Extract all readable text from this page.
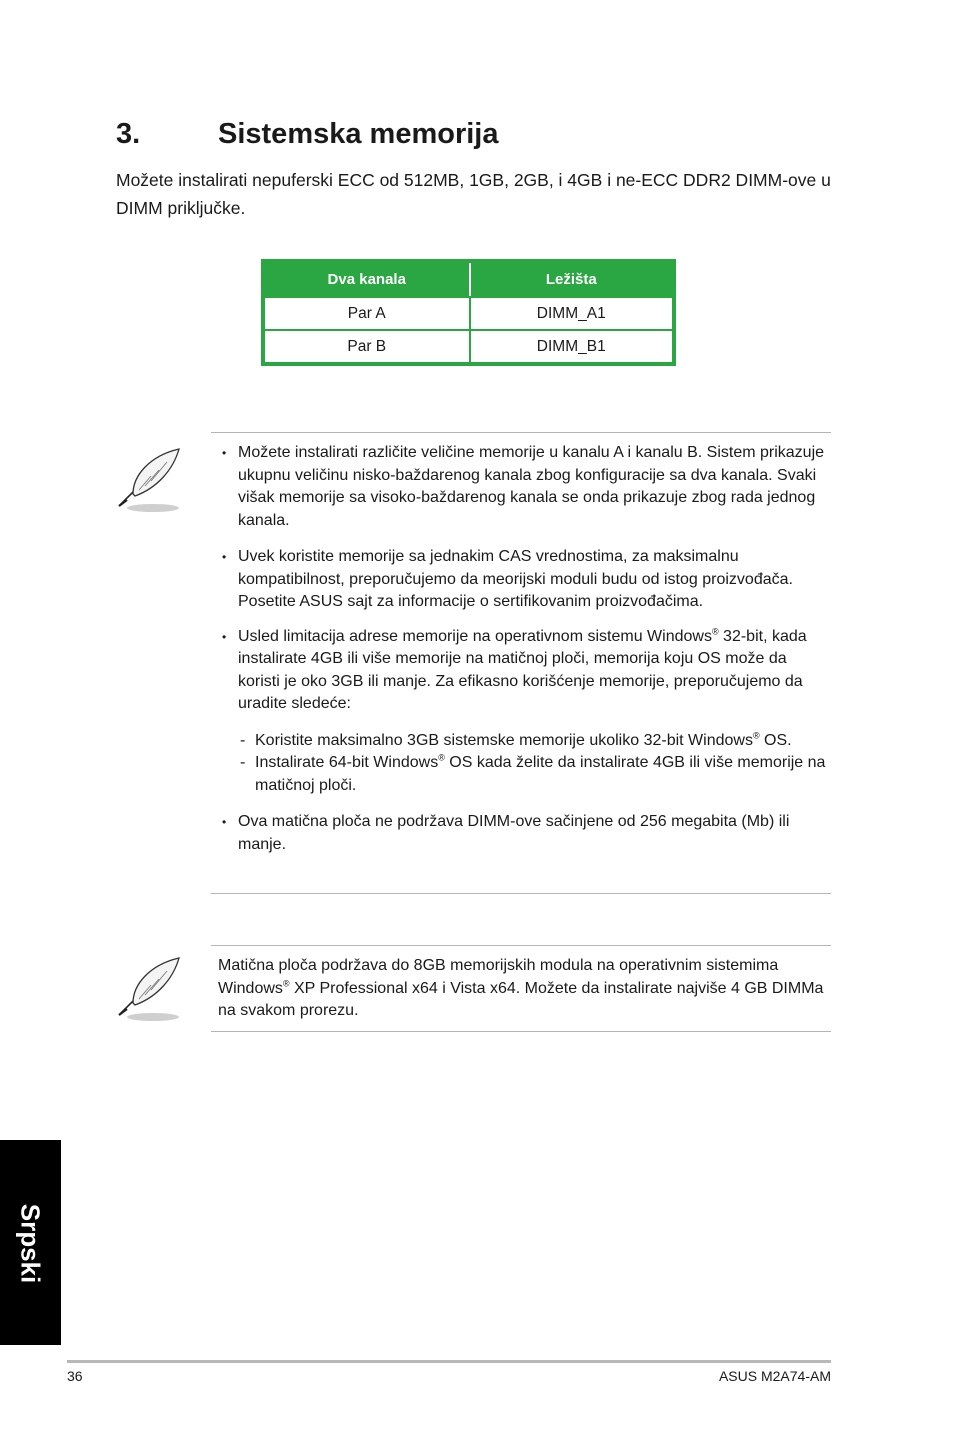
3.	Sistemska memorija
Možete instalirati nepuferski ECC od 512MB, 1GB, 2GB, i 4GB i ne-ECC DDR2 DIMM-ove u DIMM priključke.
Dva kanala	Ležišta
Par A	DIMM_A1
Par B	DIMM_B1
• Možete instalirati različite veličine memorije u kanalu A i kanalu B. Sistem prikazuje ukupnu veličinu nisko-baždarenog kanala zbog konfiguracije sa dva kanala. Svaki višak memorije sa visoko-baždarenog kanala se onda prikazuje zbog rada jednog kanala.
• Uvek koristite memorije sa jednakim CAS vrednostima, za maksimalnu kompatibilnost, preporučujemo da meorijski moduli budu od istog proizvođača. Posetite ASUS sajt za informacije o sertifikovanim proizvođačima.
• Usled limitacija adrese memorije na operativnom sistemu Windows® 32-bit, kada instalirate 4GB ili više memorije na matičnoj ploči, memorija koju OS može da koristi je oko 3GB ili manje. Za efikasno korišćenje memorije, preporučujemo da uradite sledeće:
- Koristite maksimalno 3GB sistemske memorije ukoliko 32-bit Windows® OS.
- Instalirate 64-bit Windows® OS kada želite da instalirate 4GB ili više memorije na matičnoj ploči.
• Ova matična ploča ne podržava DIMM-ove sačinjene od 256 megabita (Mb) ili manje.
Matična ploča podržava do 8GB memorijskih modula na operativnim sistemima Windows® XP Professional x64 i Vista x64. Možete da instalirate najviše 4 GB DIMMa na svakom prorezu.
Srpski
36	ASUS M2A74-AM
